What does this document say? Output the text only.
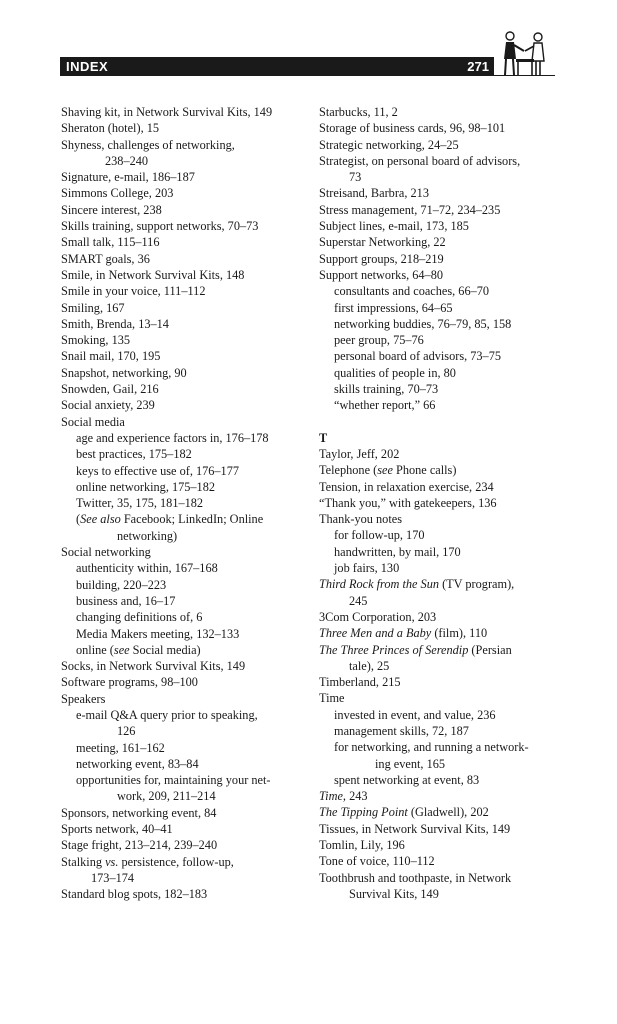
INDEX	271
Shaving kit, in Network Survival Kits, 149
Sheraton (hotel), 15
Shyness, challenges of networking,
238–240
Signature, e-mail, 186–187
Simmons College, 203
Sincere interest, 238
Skills training, support networks, 70–73
Small talk, 115–116
SMART goals, 36
Smile, in Network Survival Kits, 148
Smile in your voice, 111–112
Smiling, 167
Smith, Brenda, 13–14
Smoking, 135
Snail mail, 170, 195
Snapshot, networking, 90
Snowden, Gail, 216
Social anxiety, 239
Social media
age and experience factors in, 176–178
best practices, 175–182
keys to effective use of, 176–177
online networking, 175–182
Twitter, 35, 175, 181–182
(See also Facebook; LinkedIn; Online
networking)
Social networking
authenticity within, 167–168
building, 220–223
business and, 16–17
changing definitions of, 6
Media Makers meeting, 132–133
online (see Social media)
Socks, in Network Survival Kits, 149
Software programs, 98–100
Speakers
e-mail Q&A query prior to speaking,
126
meeting, 161–162
networking event, 83–84
opportunities for, maintaining your net-
work, 209, 211–214
Sponsors, networking event, 84
Sports network, 40–41
Stage fright, 213–214, 239–240
Stalking vs. persistence, follow-up,
173–174
Standard blog spots, 182–183
Starbucks, 11, 2
Storage of business cards, 96, 98–101
Strategic networking, 24–25
Strategist, on personal board of advisors,
73
Streisand, Barbra, 213
Stress management, 71–72, 234–235
Subject lines, e-mail, 173, 185
Superstar Networking, 22
Support groups, 218–219
Support networks, 64–80
consultants and coaches, 66–70
first impressions, 64–65
networking buddies, 76–79, 85, 158
peer group, 75–76
personal board of advisors, 73–75
qualities of people in, 80
skills training, 70–73
“whether report,” 66
T
Taylor, Jeff, 202
Telephone (see Phone calls)
Tension, in relaxation exercise, 234
“Thank you,” with gatekeepers, 136
Thank-you notes
for follow-up, 170
handwritten, by mail, 170
job fairs, 130
Third Rock from the Sun (TV program),
245
3Com Corporation, 203
Three Men and a Baby (film), 110
The Three Princes of Serendip (Persian
tale), 25
Timberland, 215
Time
invested in event, and value, 236
management skills, 72, 187
for networking, and running a network-
ing event, 165
spent networking at event, 83
Time, 243
The Tipping Point (Gladwell), 202
Tissues, in Network Survival Kits, 149
Tomlin, Lily, 196
Tone of voice, 110–112
Toothbrush and toothpaste, in Network
Survival Kits, 149
